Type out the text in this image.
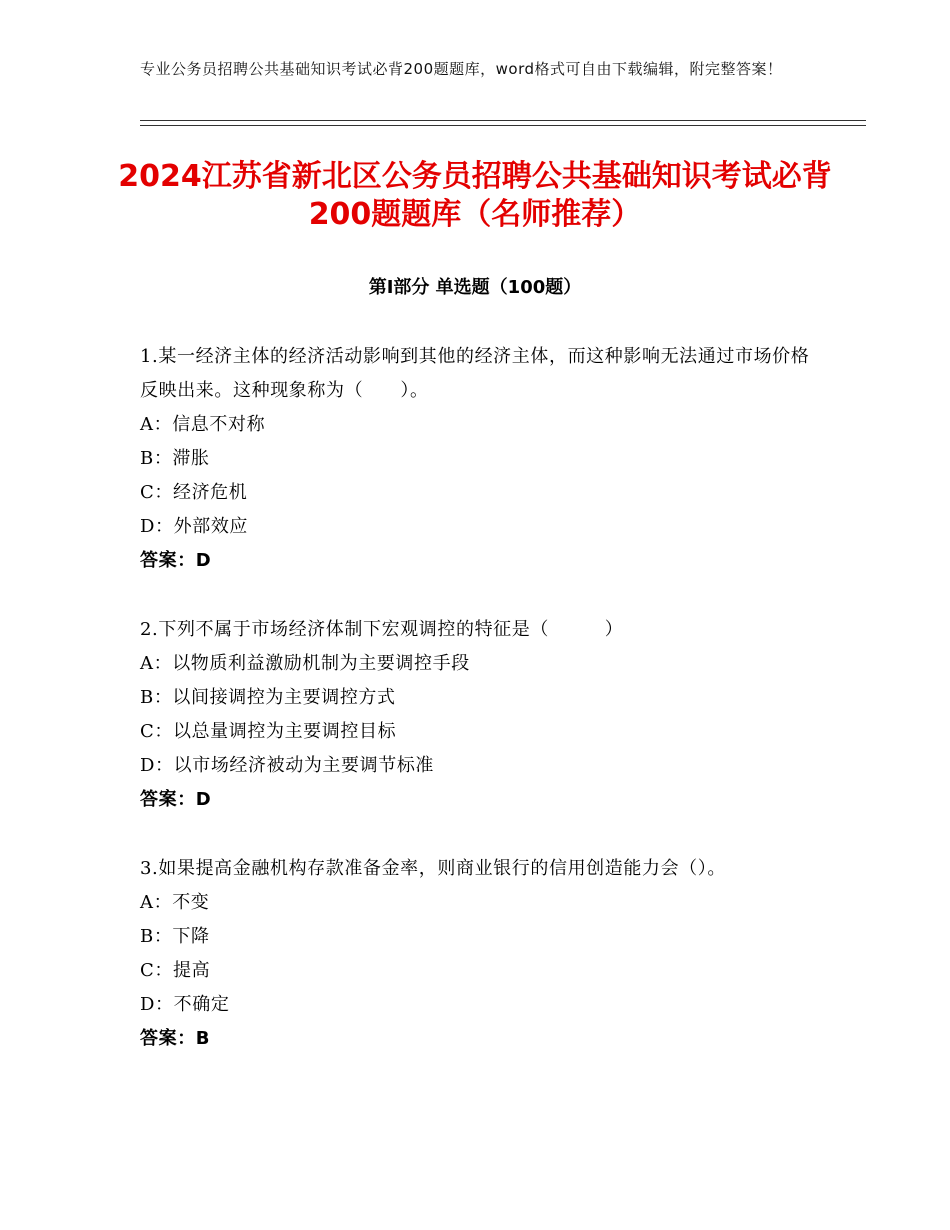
专业公务员招聘公共基础知识考试必背200题题库，word格式可自由下载编辑，附完整答案！
2024江苏省新北区公务员招聘公共基础知识考试必背200题题库（名师推荐）
第Ⅰ部分 单选题（100题）

1.某一经济主体的经济活动影响到其他的经济主体，而这种影响无法通过市场价格反映出来。这种现象称为（　　）。

A：信息不对称

B：滞胀

C：经济危机

D：外部效应

答案：D

2.下列不属于市场经济体制下宏观调控的特征是（　　　）

A：以物质利益激励机制为主要调控手段

B：以间接调控为主要调控方式

C：以总量调控为主要调控目标

D：以市场经济被动为主要调节标准

答案：D

3.如果提高金融机构存款准备金率，则商业银行的信用创造能力会（）。

A：不变

B：下降

C：提高

D：不确定

答案：B
